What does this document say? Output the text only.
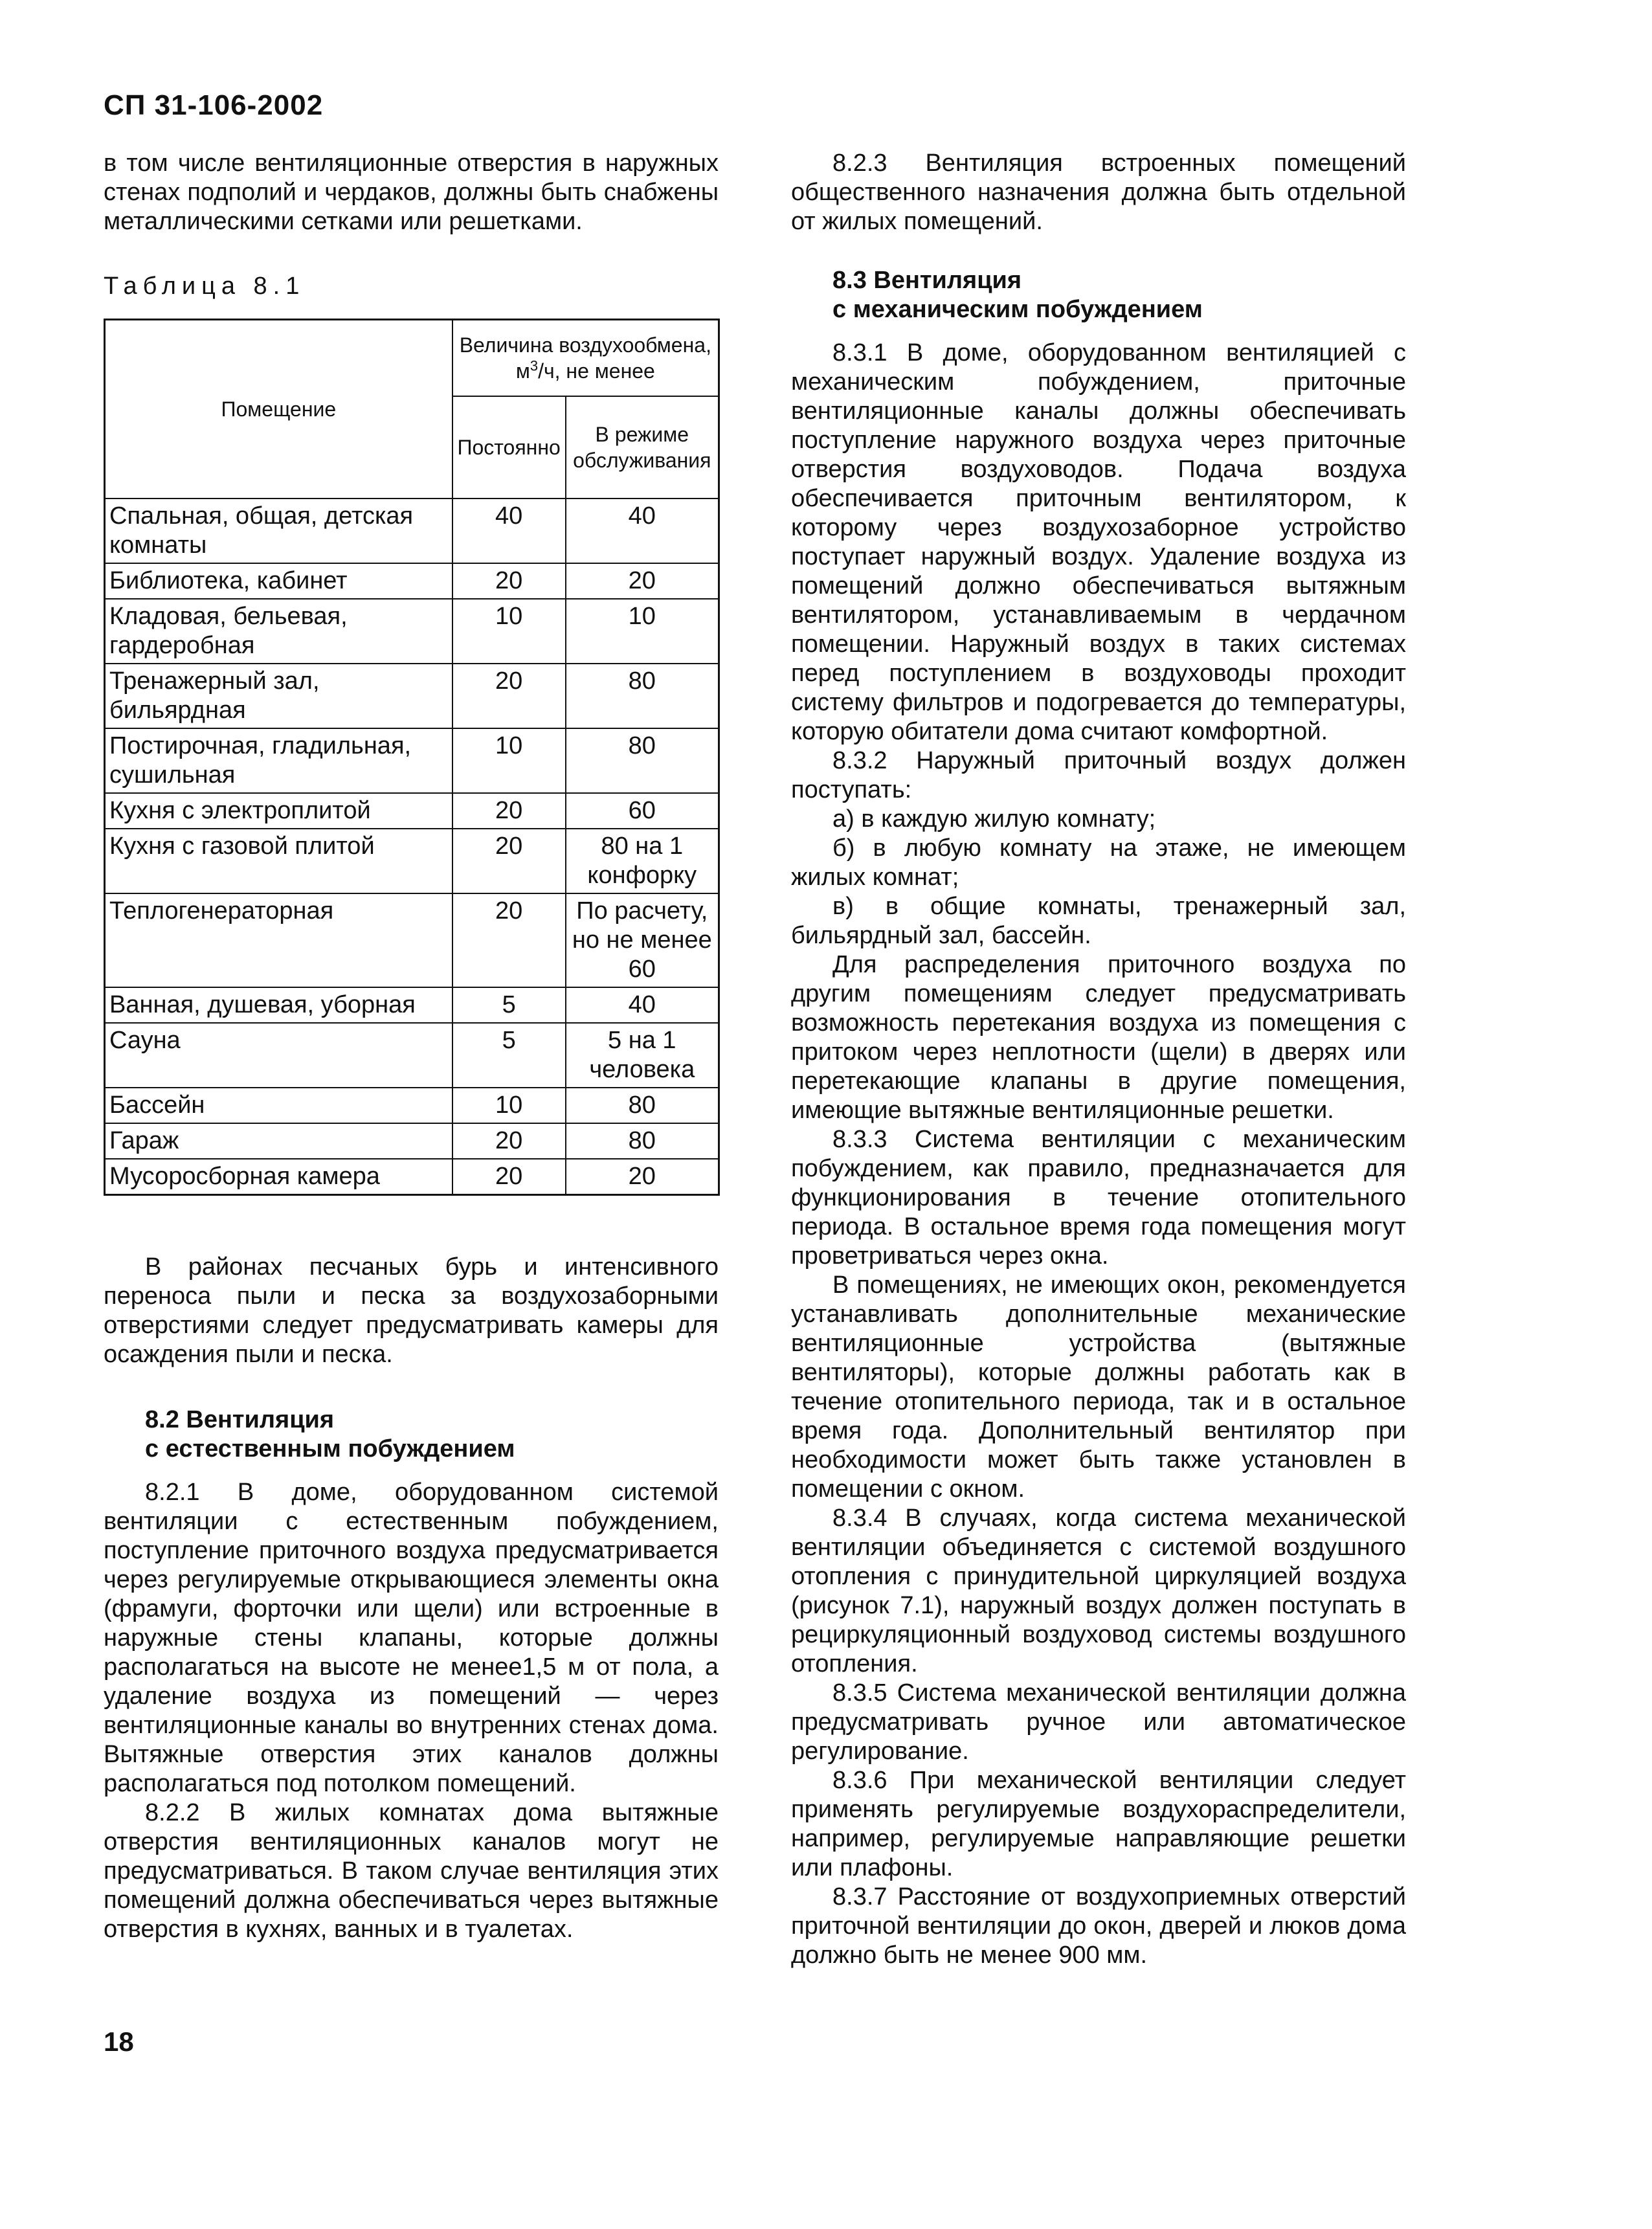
СП 31-106-2002

в том числе вентиляционные отверстия в наружных стенах подполий и чердаков, должны быть снабжены металлическими сетками или решетками.

Таблица 8.1
Помещение	Величина воздухообмена, $м^3/ч$, не менее	
	Постоянно	В режиме обслуживания
Спальная, общая, детская комнаты	40	40
Библиотека, кабинет	20	20
Кладовая, бельевая, гардеробная	10	10
Тренажерный зал, бильярдная	20	80
Постирочная, гладильная, сушильная	10	80
Кухня с электроплитой	20	60
Кухня с газовой плитой	20	80 на 1 конфорку
Теплогенераторная	20	По расчету, но не менее 60
Ванная, душевая, уборная	5	40
Сауна	5	5 на 1 человека
Бассейн	10	80
Гараж	20	80
Мусоросборная камера	20	20

В районах песчаных бурь и интенсивного переноса пыли и песка за воздухозаборными отверстиями следует предусматривать камеры для осаждения пыли и песка.

8.2 Вентиляция
с естественным побуждением

8.2.1 В доме, оборудованном системой вентиляции с естественным побуждением, поступление приточного воздуха предусматривается через регулируемые открывающиеся элементы окна (фрамуги, форточки или щели) или встроенные в наружные стены клапаны, которые должны располагаться на высоте не менее1,5 м от пола, а удаление воздуха из помещений — через вентиляционные каналы во внутренних стенах дома. Вытяжные отверстия этих каналов должны располагаться под потолком помещений.

8.2.2 В жилых комнатах дома вытяжные отверстия вентиляционных каналов могут не предусматриваться. В таком случае вентиляция этих помещений должна обеспечиваться через вытяжные отверстия в кухнях, ванных и в туалетах.

8.2.3 Вентиляция встроенных помещений общественного назначения должна быть отдельной от жилых помещений.

8.3 Вентиляция
с механическим побуждением

8.3.1 В доме, оборудованном вентиляцией с механическим побуждением, приточные вентиляционные каналы должны обеспечивать поступление наружного воздуха через приточные отверстия воздуховодов. Подача воздуха обеспечивается приточным вентилятором, к которому через воздухозаборное устройство поступает наружный воздух. Удаление воздуха из помещений должно обеспечиваться вытяжным вентилятором, устанавливаемым в чердачном помещении. Наружный воздух в таких системах перед поступлением в воздуховоды проходит систему фильтров и подогревается до температуры, которую обитатели дома считают комфортной.

8.3.2 Наружный приточный воздух должен поступать:

а) в каждую жилую комнату;

б) в любую комнату на этаже, не имеющем жилых комнат;

в) в общие комнаты, тренажерный зал, бильярдный зал, бассейн.

Для распределения приточного воздуха по другим помещениям следует предусматривать возможность перетекания воздуха из помещения с притоком через неплотности (щели) в дверях или перетекающие клапаны в другие помещения, имеющие вытяжные вентиляционные решетки.

8.3.3 Система вентиляции с механическим побуждением, как правило, предназначается для функционирования в течение отопительного периода. В остальное время года помещения могут проветриваться через окна.

В помещениях, не имеющих окон, рекомендуется устанавливать дополнительные механические вентиляционные устройства (вытяжные вентиляторы), которые должны работать как в течение отопительного периода, так и в остальное время года. Дополнительный вентилятор при необходимости может быть также установлен в помещении с окном.

8.3.4 В случаях, когда система механической вентиляции объединяется с системой воздушного отопления с принудительной циркуляцией воздуха (рисунок 7.1), наружный воздух должен поступать в рециркуляционный воздуховод системы воздушного отопления.

8.3.5 Система механической вентиляции должна предусматривать ручное или автоматическое регулирование.

8.3.6 При механической вентиляции следует применять регулируемые воздухораспределители, например, регулируемые направляющие решетки или плафоны.

8.3.7 Расстояние от воздухоприемных отверстий приточной вентиляции до окон, дверей и люков дома должно быть не менее 900 мм.

18
